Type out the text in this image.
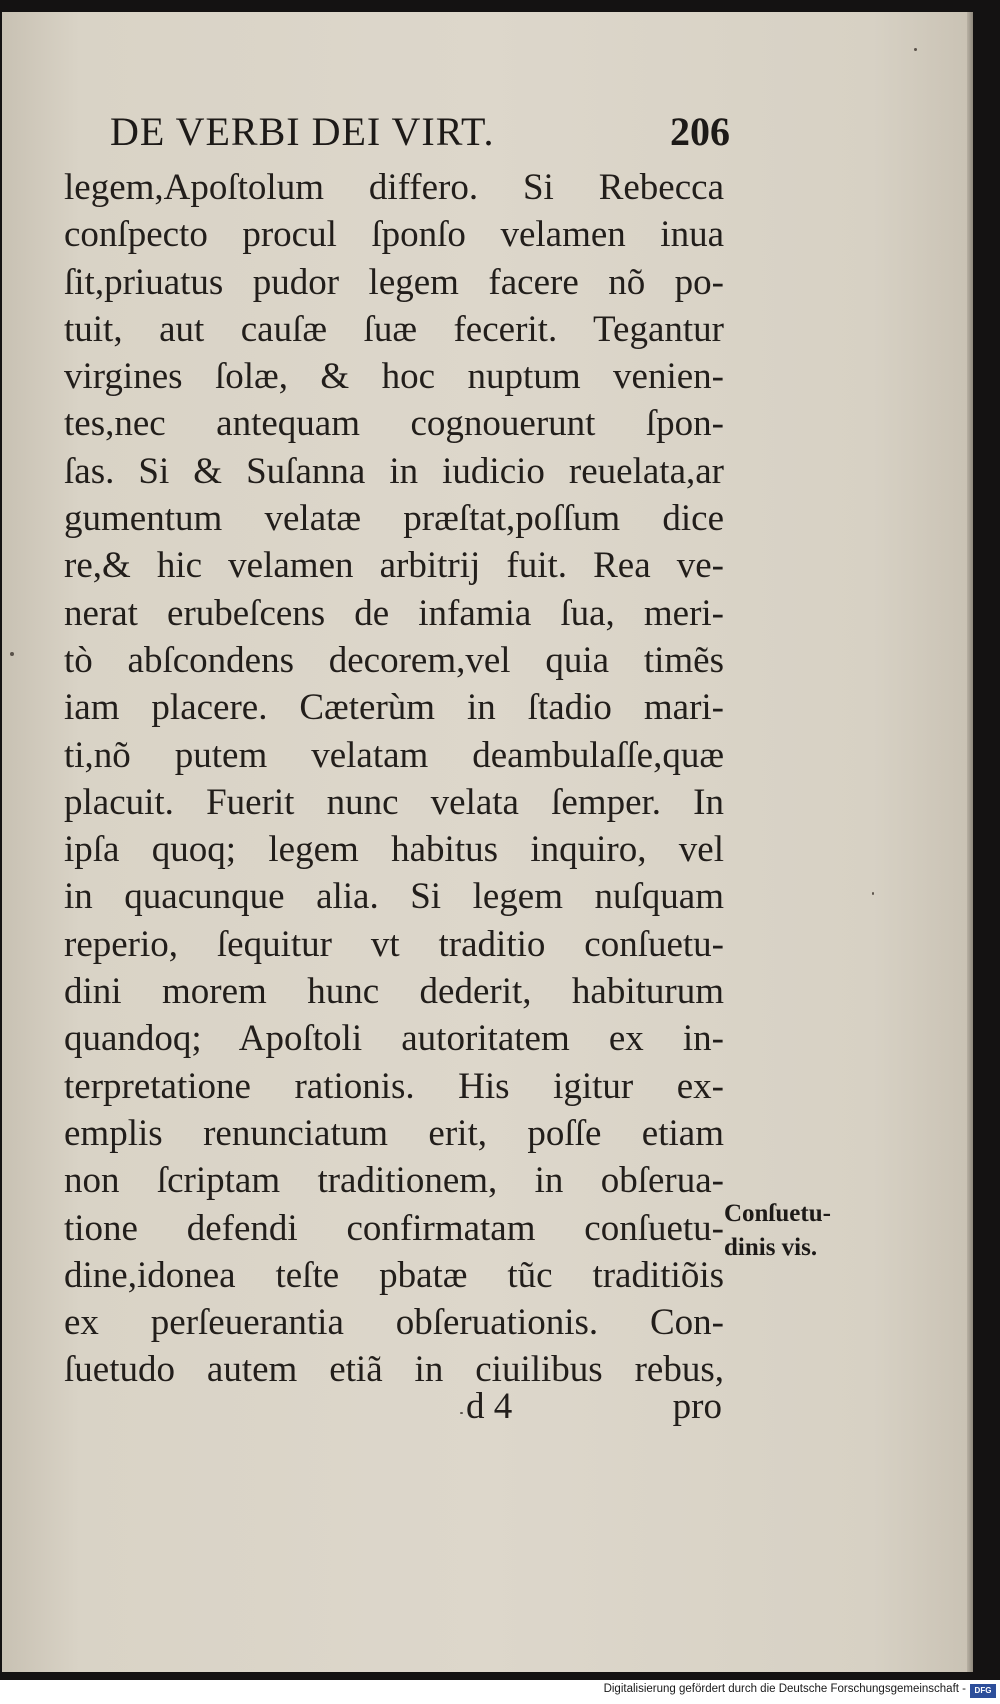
DE VERBI DEI VIRT.	206
legem,Apoſtolum differo. Si Rebecca
conſpecto procul ſponſo velamen inua
ſit,priuatus pudor legem facere nõ po-
tuit, aut cauſæ ſuæ fecerit. Tegantur
virgines ſolæ, & hoc nuptum venien-
tes,nec antequam cognouerunt ſpon-
ſas. Si & Suſanna in iudicio reuelata,ar
gumentum velatæ præſtat,poſſum dice
re,& hic velamen arbitrij fuit. Rea ve-
nerat erubeſcens de infamia ſua, meri-
tò abſcondens decorem,vel quia timẽs
iam placere. Cæterùm in ſtadio mari-
ti,nõ putem velatam deambulaſſe,quæ
placuit. Fuerit nunc velata ſemper. In
ipſa quoq; legem habitus inquiro, vel
in quacunque alia. Si legem nuſquam
reperio, ſequitur vt traditio conſuetu-
dini morem hunc dederit, habiturum
quandoq; Apoſtoli autoritatem ex in-
terpretatione rationis. His igitur ex-
emplis renunciatum erit, poſſe etiam
non ſcriptam traditionem, in obſerua-
tione defendi confirmatam conſuetu-
dine,idonea teſte pbatæ tũc traditiõis
ex perſeuerantia obſeruationis. Con-
ſuetudo autem etiã in ciuilibus rebus,
d 4	pro
Conſuetu-
dinis vis.
Digitalisierung gefördert durch die Deutsche Forschungsgemeinschaft -	DFG
